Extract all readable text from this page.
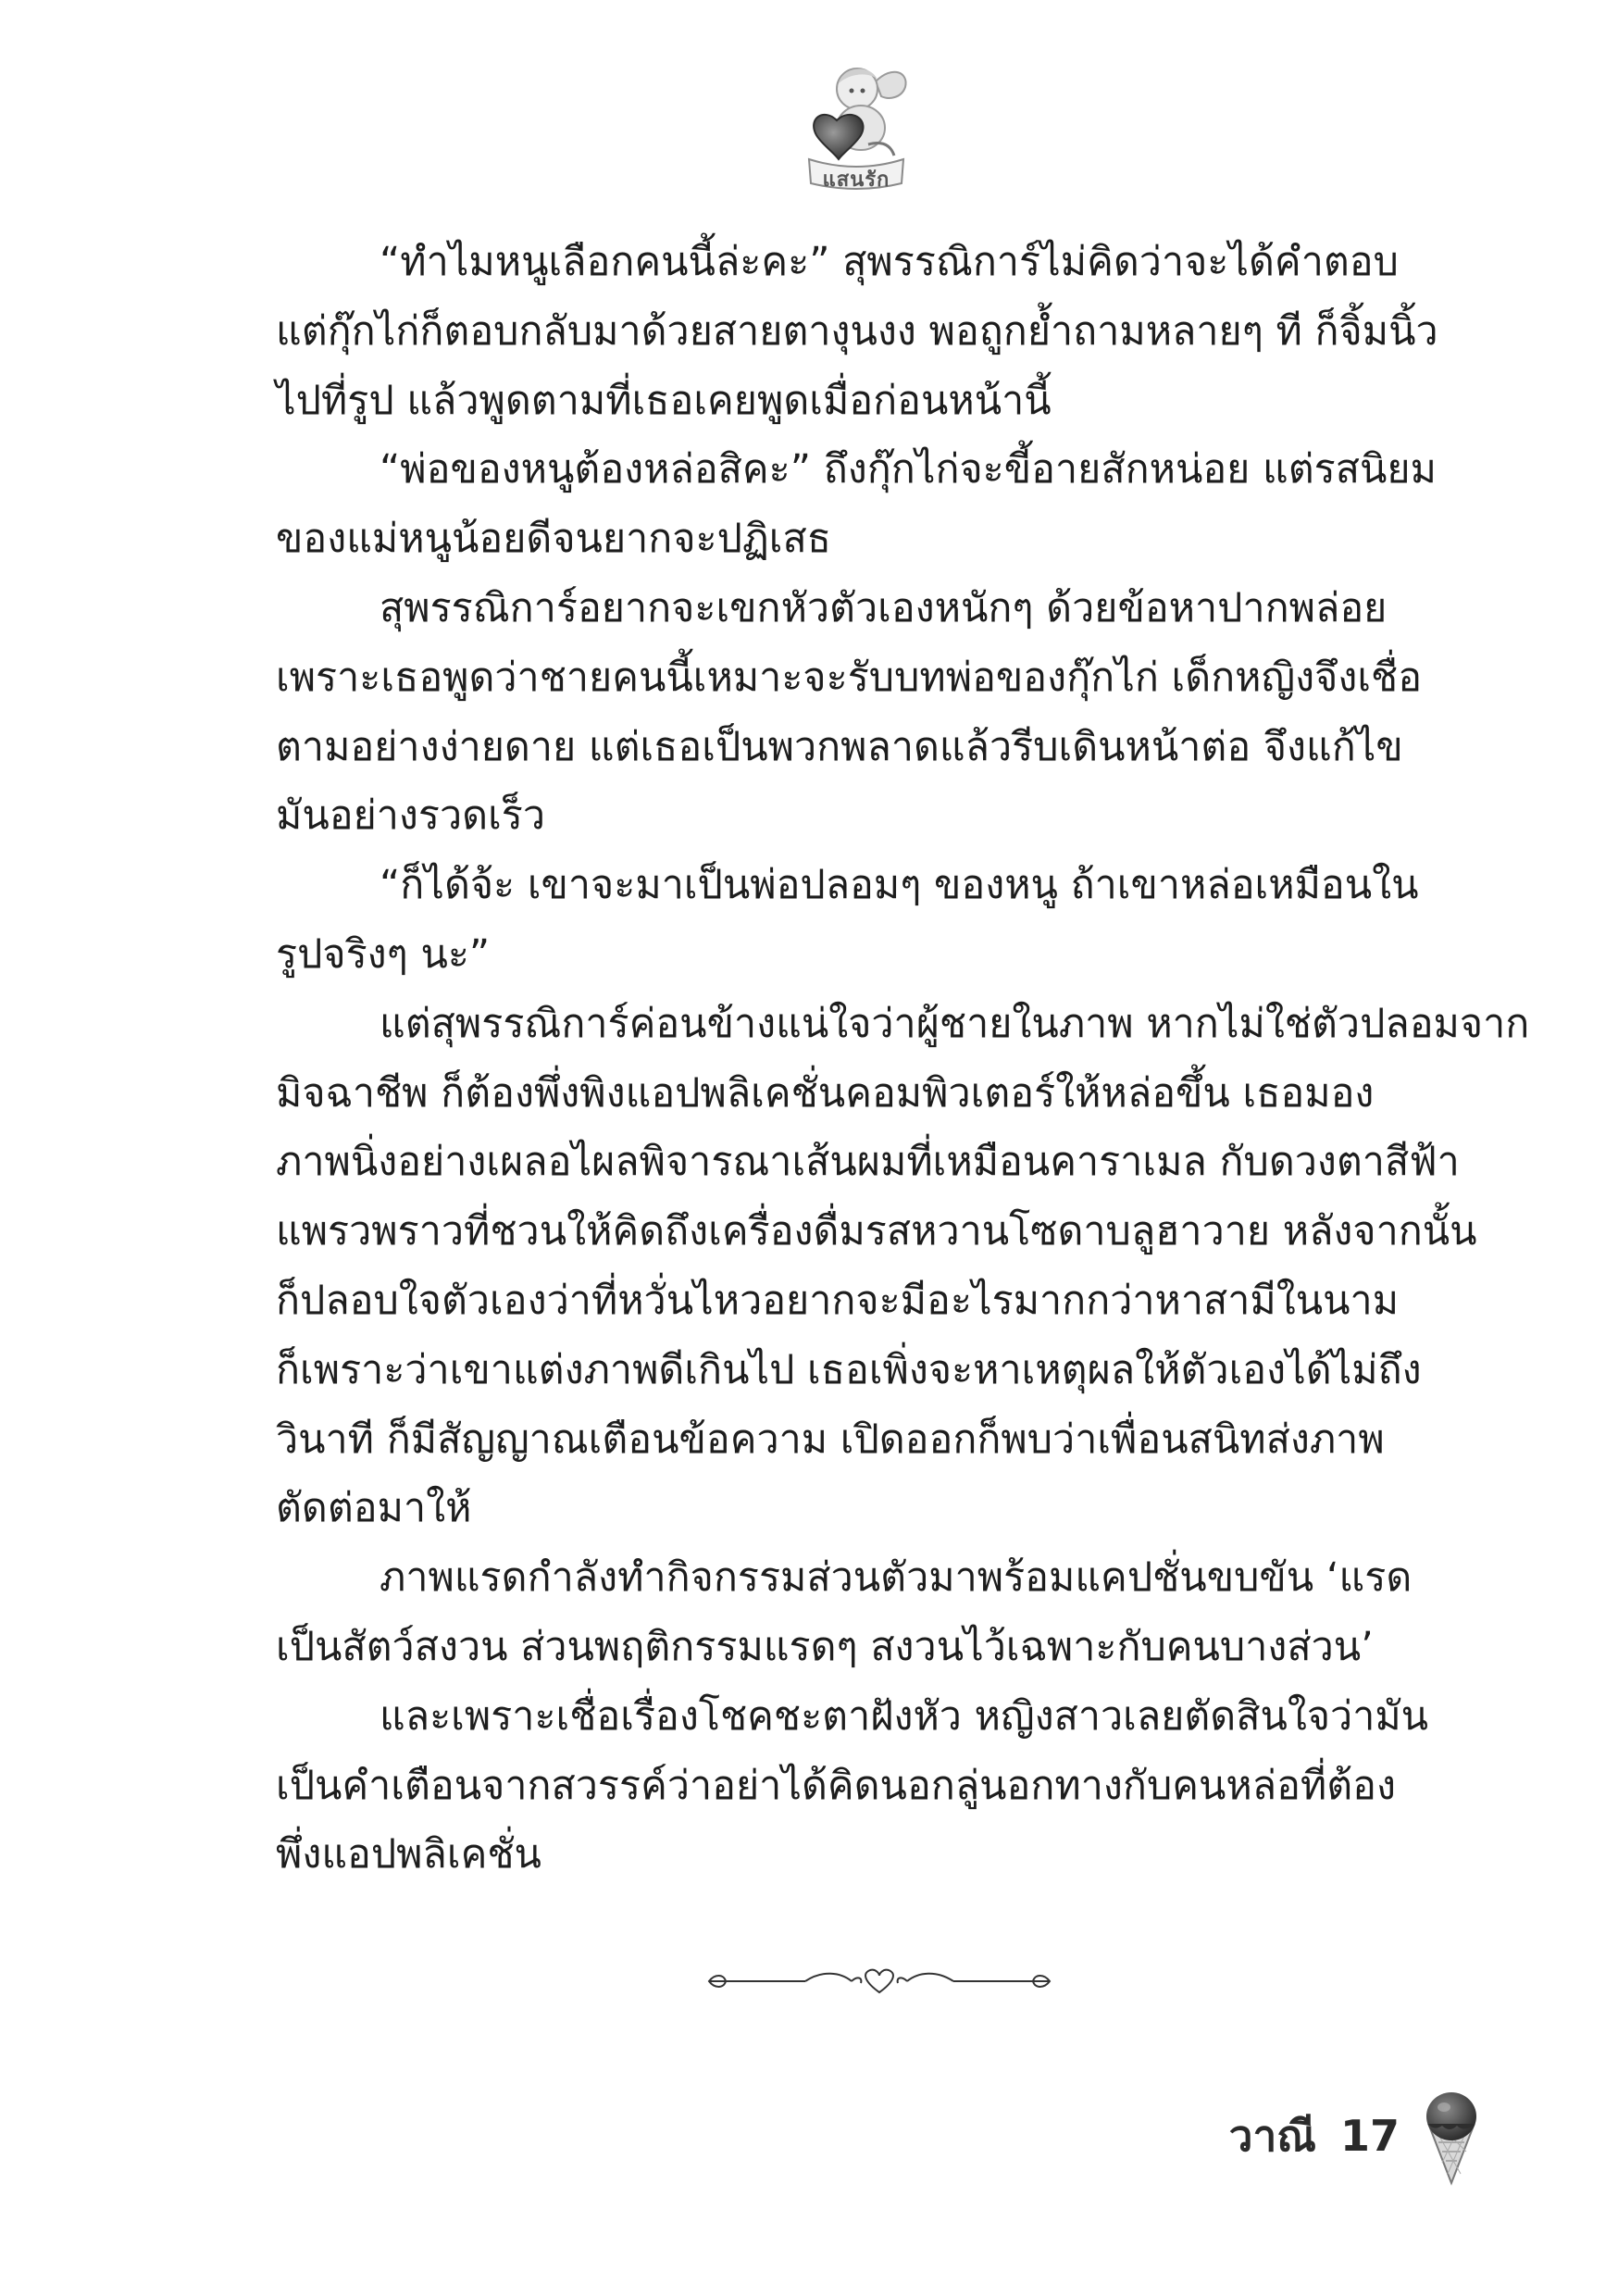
แสนรัก

“ทำไมหนูเลือกคนนี้ล่ะคะ” สุพรรณิการ์ไม่คิดว่าจะได้คำตอบ
แต่กุ๊กไก่ก็ตอบกลับมาด้วยสายตางุนงง พอถูกย้ำถามหลายๆ ที ก็จิ้มนิ้ว
ไปที่รูป แล้วพูดตามที่เธอเคยพูดเมื่อก่อนหน้านี้

“พ่อของหนูต้องหล่อสิคะ” ถึงกุ๊กไก่จะขี้อายสักหน่อย แต่รสนิยม
ของแม่หนูน้อยดีจนยากจะปฏิเสธ

สุพรรณิการ์อยากจะเขกหัวตัวเองหนักๆ ด้วยข้อหาปากพล่อย
เพราะเธอพูดว่าชายคนนี้เหมาะจะรับบทพ่อของกุ๊กไก่ เด็กหญิงจึงเชื่อ
ตามอย่างง่ายดาย แต่เธอเป็นพวกพลาดแล้วรีบเดินหน้าต่อ จึงแก้ไข
มันอย่างรวดเร็ว

“ก็ได้จ้ะ เขาจะมาเป็นพ่อปลอมๆ ของหนู ถ้าเขาหล่อเหมือนใน
รูปจริงๆ นะ”

แต่สุพรรณิการ์ค่อนข้างแน่ใจว่าผู้ชายในภาพ หากไม่ใช่ตัวปลอมจาก
มิจฉาชีพ ก็ต้องพึ่งพิงแอปพลิเคชั่นคอมพิวเตอร์ให้หล่อขึ้น เธอมอง
ภาพนิ่งอย่างเผลอไผลพิจารณาเส้นผมที่เหมือนคาราเมล กับดวงตาสีฟ้า
แพรวพราวที่ชวนให้คิดถึงเครื่องดื่มรสหวานโซดาบลูฮาวาย หลังจากนั้น
ก็ปลอบใจตัวเองว่าที่หวั่นไหวอยากจะมีอะไรมากกว่าหาสามีในนาม
ก็เพราะว่าเขาแต่งภาพดีเกินไป เธอเพิ่งจะหาเหตุผลให้ตัวเองได้ไม่ถึง
วินาที ก็มีสัญญาณเตือนข้อความ เปิดออกก็พบว่าเพื่อนสนิทส่งภาพ
ตัดต่อมาให้

ภาพแรดกำลังทำกิจกรรมส่วนตัวมาพร้อมแคปชั่นขบขัน ‘แรด
เป็นสัตว์สงวน ส่วนพฤติกรรมแรดๆ สงวนไว้เฉพาะกับคนบางส่วน’

และเพราะเชื่อเรื่องโชคชะตาฝังหัว หญิงสาวเลยตัดสินใจว่ามัน
เป็นคำเตือนจากสวรรค์ว่าอย่าได้คิดนอกลู่นอกทางกับคนหล่อที่ต้อง
พึ่งแอปพลิเคชั่น

วาณี 17
